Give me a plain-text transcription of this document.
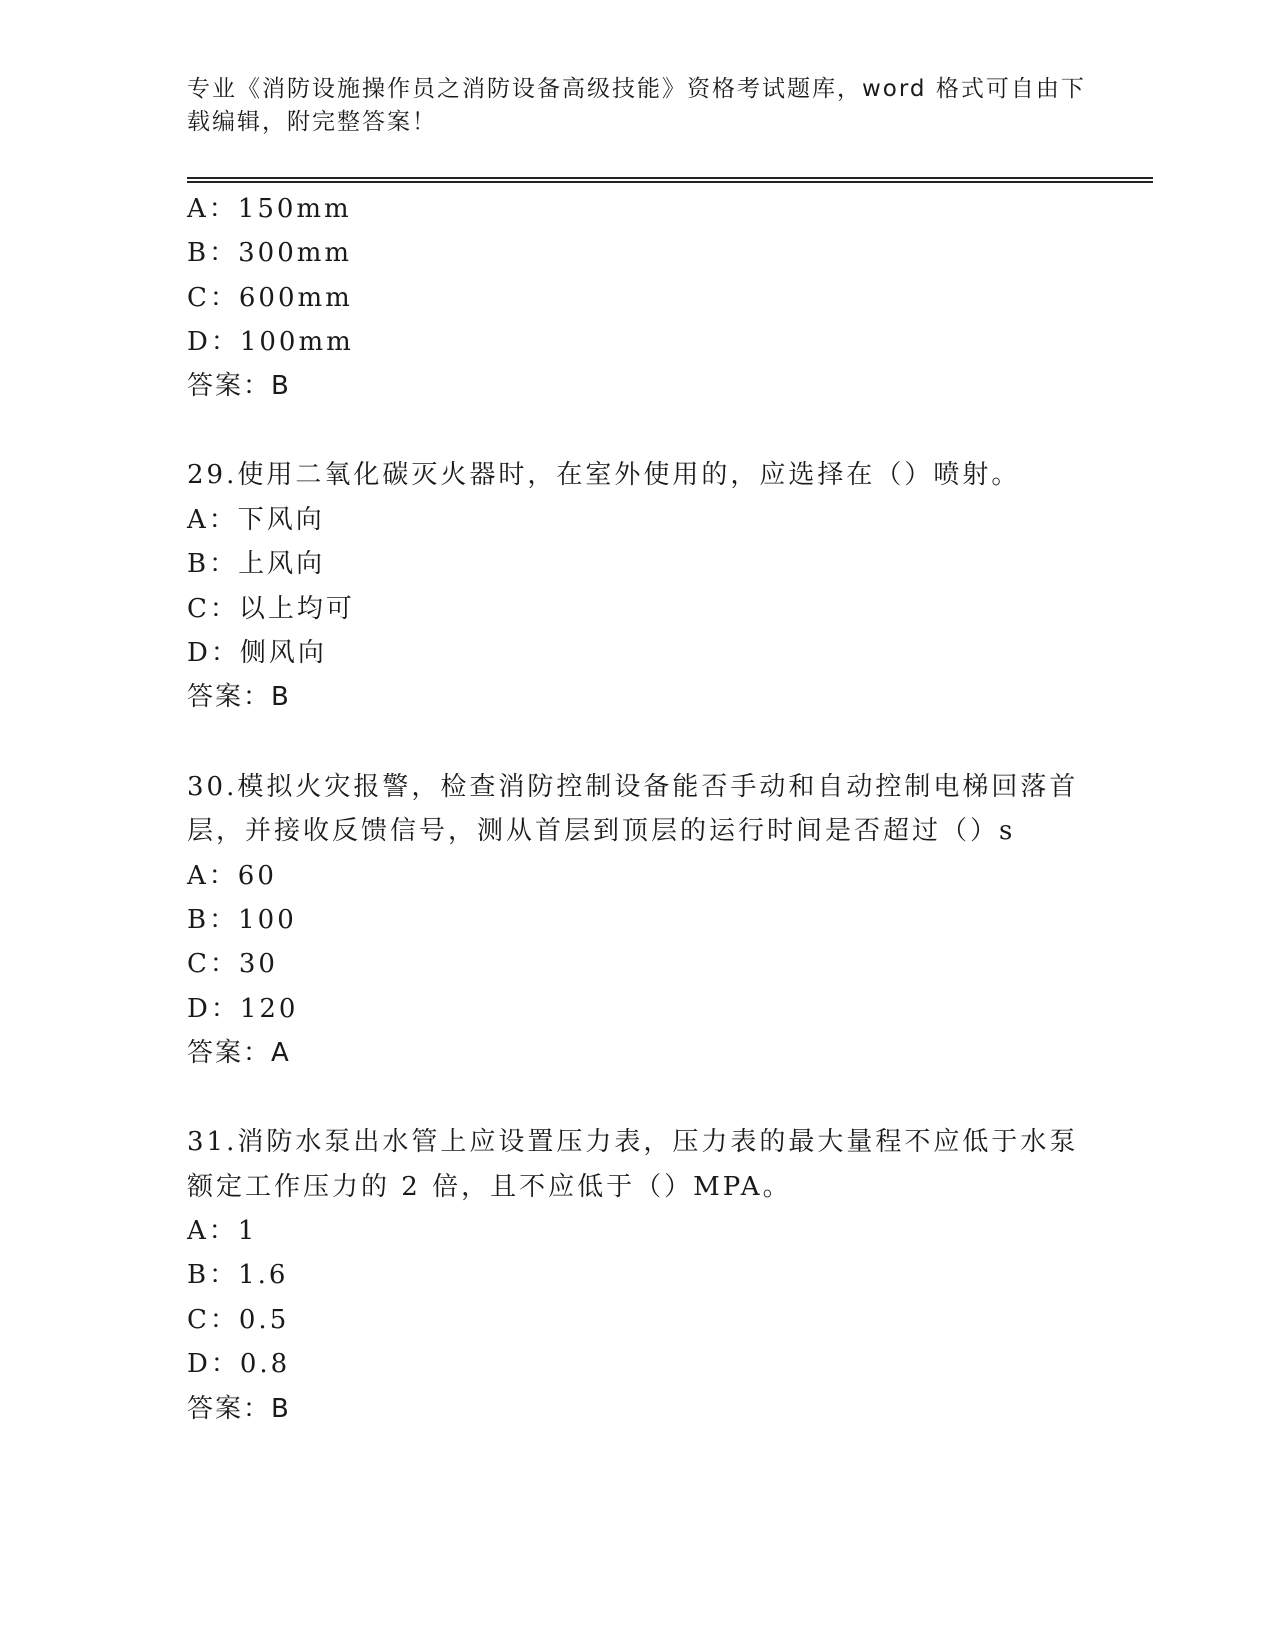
专业《消防设施操作员之消防设备高级技能》资格考试题库，word 格式可自由下
载编辑，附完整答案！
A：150mm
B：300mm
C：600mm
D：100mm
答案：B
29.使用二氧化碳灭火器时，在室外使用的，应选择在（）喷射。
A：下风向
B：上风向
C：以上均可
D：侧风向
答案：B
30.模拟火灾报警，检查消防控制设备能否手动和自动控制电梯回落首
层，并接收反馈信号，测从首层到顶层的运行时间是否超过（）s
A：60
B：100
C：30
D：120
答案：A
31.消防水泵出水管上应设置压力表，压力表的最大量程不应低于水泵
额定工作压力的 2 倍，且不应低于（）MPA。
A：1
B：1.6
C：0.5
D：0.8
答案：B
